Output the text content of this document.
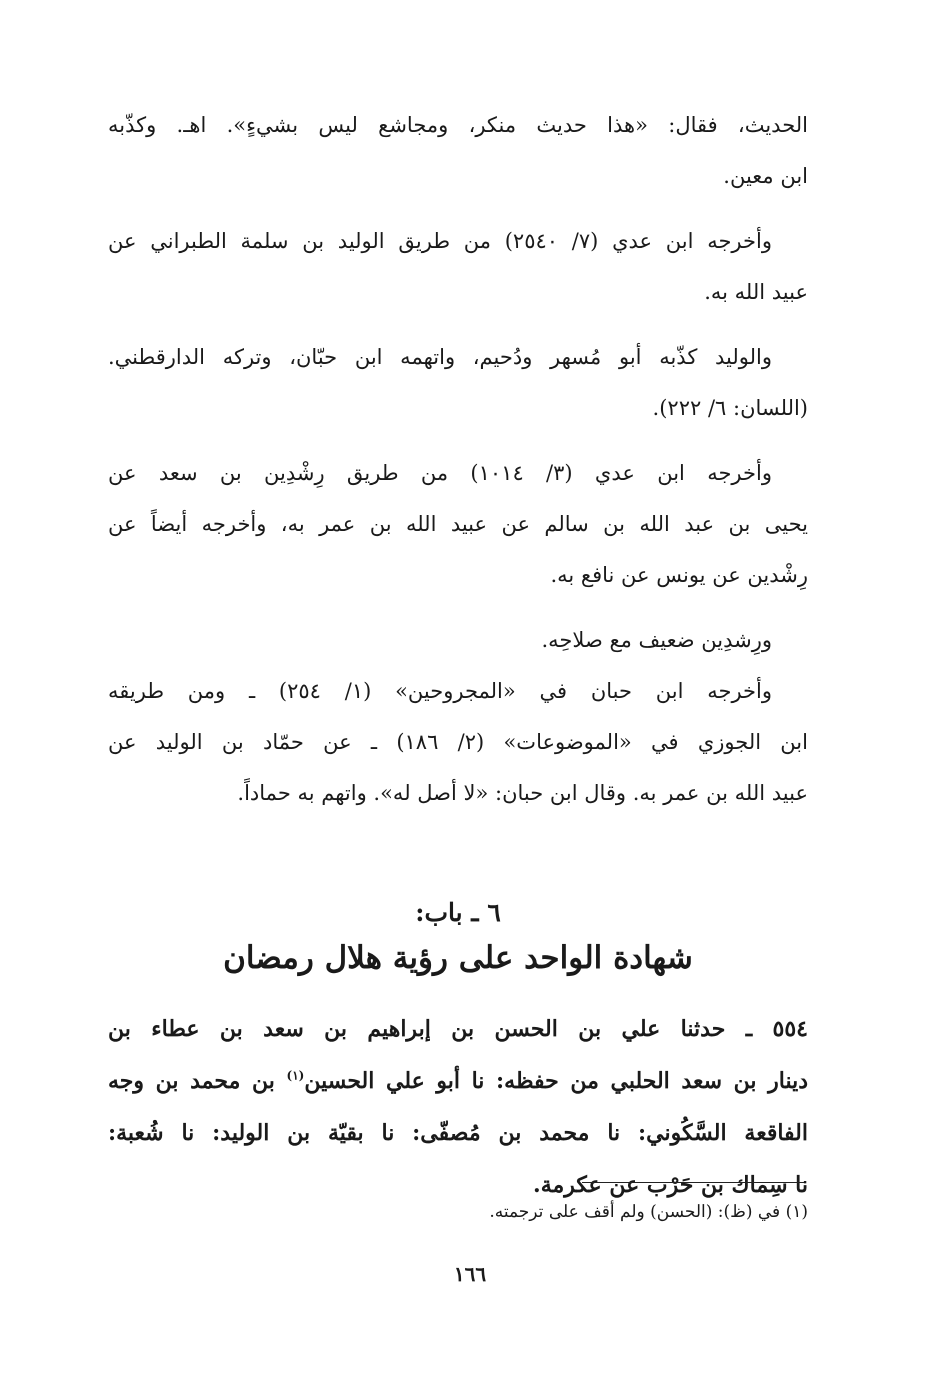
الحديث، فقال: «هذا حديث منكر، ومجاشع ليس بشيءٍ». اهـ. وكذّبه
ابن معين.

وأخرجه ابن عدي (٧/ ٢٥٤٠) من طريق الوليد بن سلمة الطبراني عن
عبيد الله به.

والوليد كذّبه أبو مُسهر ودُحيم، واتهمه ابن حبّان، وتركه الدارقطني.
(اللسان: ٦/ ٢٢٢).

وأخرجه ابن عدي (٣/ ١٠١٤) من طريق رِشْدِين بن سعد عن
يحيى بن عبد الله بن سالم عن عبيد الله بن عمر به، وأخرجه أيضاً عن
رِشْدين عن يونس عن نافع به.

ورِشدِين ضعيف مع صلاحِه.

وأخرجه ابن حبان في «المجروحين» (١/ ٢٥٤) ـ ومن طريقه
ابن الجوزي في «الموضوعات» (٢/ ١٨٦) ـ عن حمّاد بن الوليد عن
عبيد الله بن عمر به. وقال ابن حبان: «لا أصل له». واتهم به حماداً.

٦ ـ باب:
شهادة الواحد على رؤية هلال رمضان
٥٥٤ ـ حدثنا علي بن الحسن بن إبراهيم بن سعد بن عطاء بن
دينار بن سعد الحلبي من حفظه: نا أبو علي الحسين$^{(١)}$ بن محمد بن وجه
الفاقعة السَّكُوني: نا محمد بن مُصفّى: نا بقيّة بن الوليد: نا شُعبة:
نا سِماك بن حَرْب عن عكرمة.
(١) في (ظ): (الحسن) ولم أقف على ترجمته.
١٦٦
